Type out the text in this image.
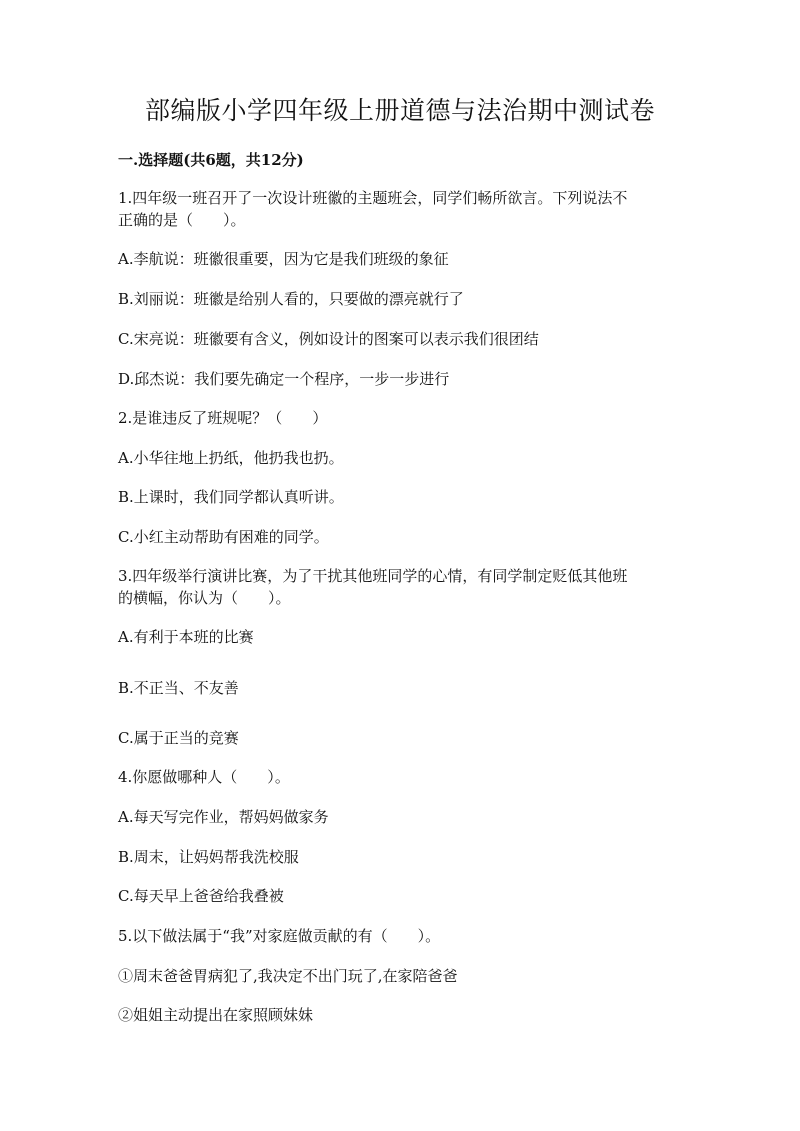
部编版小学四年级上册道德与法治期中测试卷
一.选择题(共6题，共12分)
1.四年级一班召开了一次设计班徽的主题班会，同学们畅所欲言。下列说法不
正确的是（　　）。
A.李航说：班徽很重要，因为它是我们班级的象征
B.刘丽说：班徽是给别人看的，只要做的漂亮就行了
C.宋亮说：班徽要有含义，例如设计的图案可以表示我们很团结
D.邱杰说：我们要先确定一个程序，一步一步进行
2.是谁违反了班规呢？（　　）
A.小华往地上扔纸，他扔我也扔。
B.上课时，我们同学都认真听讲。
C.小红主动帮助有困难的同学。
3.四年级举行演讲比赛，为了干扰其他班同学的心情，有同学制定贬低其他班
的横幅，你认为（　　）。
A.有利于本班的比赛
B.不正当、不友善
C.属于正当的竞赛
4.你愿做哪种人（　　）。
A.每天写完作业，帮妈妈做家务
B.周末，让妈妈帮我洗校服
C.每天早上爸爸给我叠被
5.以下做法属于“我”对家庭做贡献的有（　　）。
①周末爸爸胃病犯了,我决定不出门玩了,在家陪爸爸
②姐姐主动提出在家照顾妹妹
